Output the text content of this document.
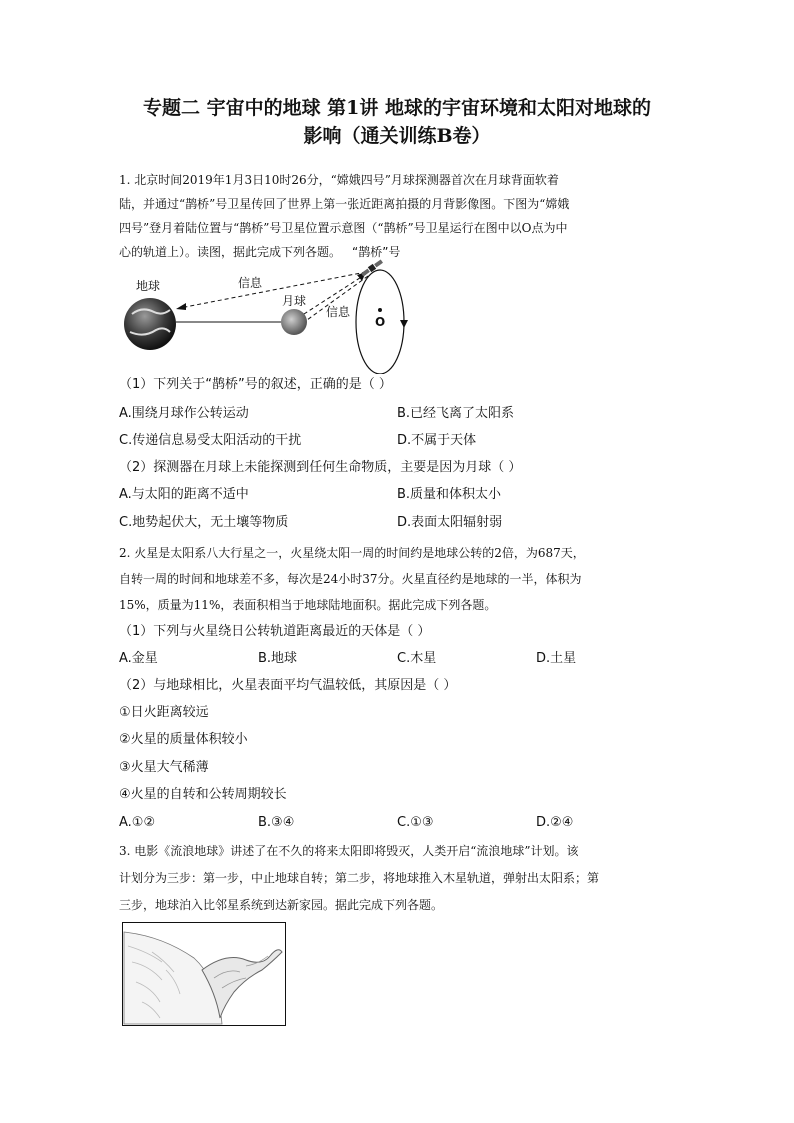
专题二 宇宙中的地球 第1讲 地球的宇宙环境和太阳对地球的
影响（通关训练B卷）
1. 北京时间2019年1月3日10时26分，“嫦娥四号”月球探测器首次在月球背面软着
陆，并通过“鹊桥”号卫星传回了世界上第一张近距离拍摄的月背影像图。下图为“嫦娥
四号”登月着陆位置与“鹊桥”号卫星位置示意图（“鹊桥”号卫星运行在图中以O点为中
心的轨道上）。读图，据此完成下列各题。
地球
月球
信息
信息
O
“鹊桥”号
（1）下列关于“鹊桥”号的叙述，正确的是（ ）
A.围绕月球作公转运动	B.已经飞离了太阳系
C.传递信息易受太阳活动的干扰	D.不属于天体
（2）探测器在月球上未能探测到任何生命物质，主要是因为月球（ ）
A.与太阳的距离不适中	B.质量和体积太小
C.地势起伏大，无土壤等物质	D.表面太阳辐射弱
2. 火星是太阳系八大行星之一，火星绕太阳一周的时间约是地球公转的2倍，为687天，
自转一周的时间和地球差不多，每次是24小时37分。火星直径约是地球的一半，体积为
15%，质量为11%，表面积相当于地球陆地面积。据此完成下列各题。
（1）下列与火星绕日公转轨道距离最近的天体是（ ）
A.金星	B.地球	C.木星	D.土星
（2）与地球相比，火星表面平均气温较低，其原因是（ ）
①日火距离较远
②火星的质量体积较小
③火星大气稀薄
④火星的自转和公转周期较长
A.①②	B.③④	C.①③	D.②④
3. 电影《流浪地球》讲述了在不久的将来太阳即将毁灭，人类开启“流浪地球”计划。该
计划分为三步：第一步，中止地球自转；第二步，将地球推入木星轨道，弹射出太阳系；第
三步，地球泊入比邻星系统到达新家园。据此完成下列各题。
